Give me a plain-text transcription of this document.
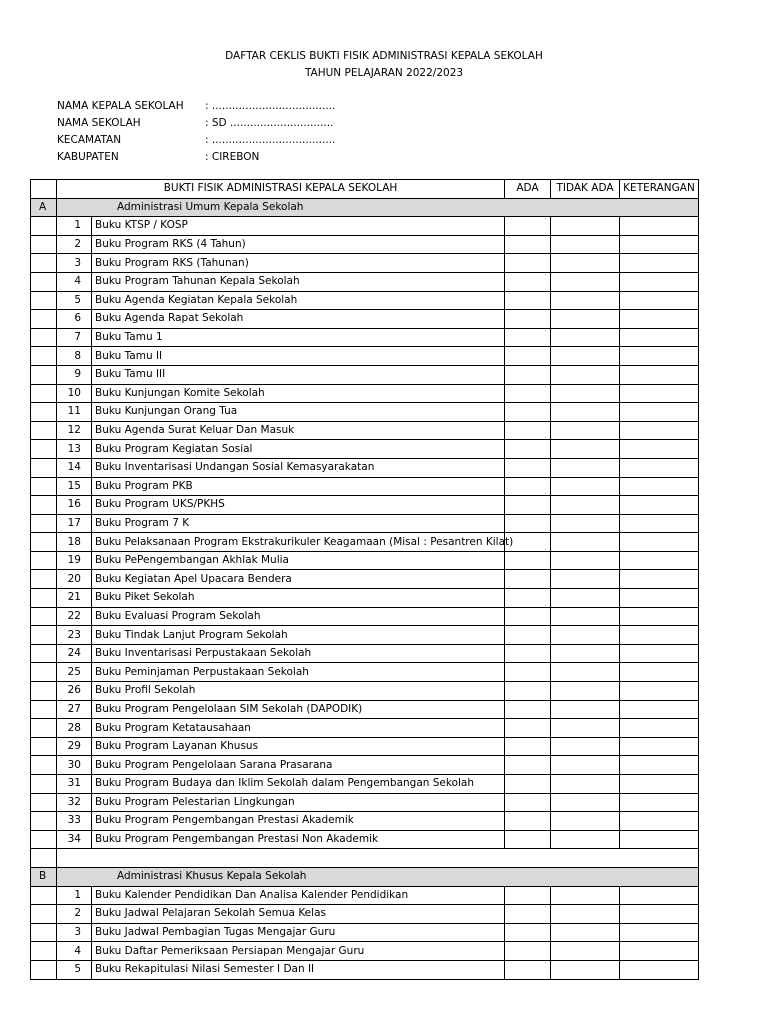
DAFTAR CEKLIS BUKTI FISIK ADMINISTRASI KEPALA SEKOLAH
TAHUN PELAJARAN 2022/2023
NAMA KEPALA SEKOLAH	: .....................................
NAMA SEKOLAH	: SD ...............................
KECAMATAN	: .....................................
KABUPATEN	: CIREBON
	BUKTI FISIK ADMINISTRASI KEPALA SEKOLAH		ADA	TIDAK ADA	KETERANGAN
A	Administrasi Umum Kepala Sekolah				
	1	Buku KTSP / KOSP			
	2	Buku Program RKS (4 Tahun)			
	3	Buku Program RKS (Tahunan)			
	4	Buku Program Tahunan Kepala Sekolah			
	5	Buku Agenda Kegiatan Kepala Sekolah			
	6	Buku Agenda Rapat Sekolah			
	7	Buku Tamu 1			
	8	Buku Tamu II			
	9	Buku Tamu III			
	10	Buku Kunjungan Komite Sekolah			
	11	Buku Kunjungan Orang Tua			
	12	Buku Agenda Surat Keluar Dan Masuk			
	13	Buku Program Kegiatan Sosial			
	14	Buku Inventarisasi Undangan Sosial Kemasyarakatan			
	15	Buku Program PKB			
	16	Buku Program UKS/PKHS			
	17	Buku Program 7 K			
	18	Buku Pelaksanaan Program Ekstrakurikuler Keagamaan (Misal : Pesantren Kilat)			
	19	Buku PePengembangan Akhlak Mulia			
	20	Buku Kegiatan Apel Upacara Bendera			
	21	Buku Piket Sekolah			
	22	Buku Evaluasi Program Sekolah			
	23	Buku Tindak Lanjut Program Sekolah			
	24	Buku Inventarisasi Perpustakaan Sekolah			
	25	Buku Peminjaman Perpustakaan Sekolah			
	26	Buku Profil Sekolah			
	27	Buku Program Pengelolaan SIM Sekolah (DAPODIK)			
	28	Buku Program Ketatausahaan			
	29	Buku Program Layanan Khusus			
	30	Buku Program Pengelolaan Sarana Prasarana			
	31	Buku Program Budaya dan Iklim Sekolah dalam Pengembangan Sekolah			
	32	Buku Program Pelestarian Lingkungan			
	33	Buku Program Pengembangan Prestasi Akademik			
	34	Buku Program Pengembangan Prestasi Non Akademik			

B	Administrasi Khusus Kepala Sekolah				
	1	Buku Kalender Pendidikan Dan Analisa Kalender Pendidikan			
	2	Buku Jadwal Pelajaran Sekolah Semua Kelas			
	3	Buku Jadwal Pembagian Tugas Mengajar Guru			
	4	Buku Daftar Pemeriksaan Persiapan Mengajar Guru			
	5	Buku Rekapitulasi Nilasi Semester I Dan II			
